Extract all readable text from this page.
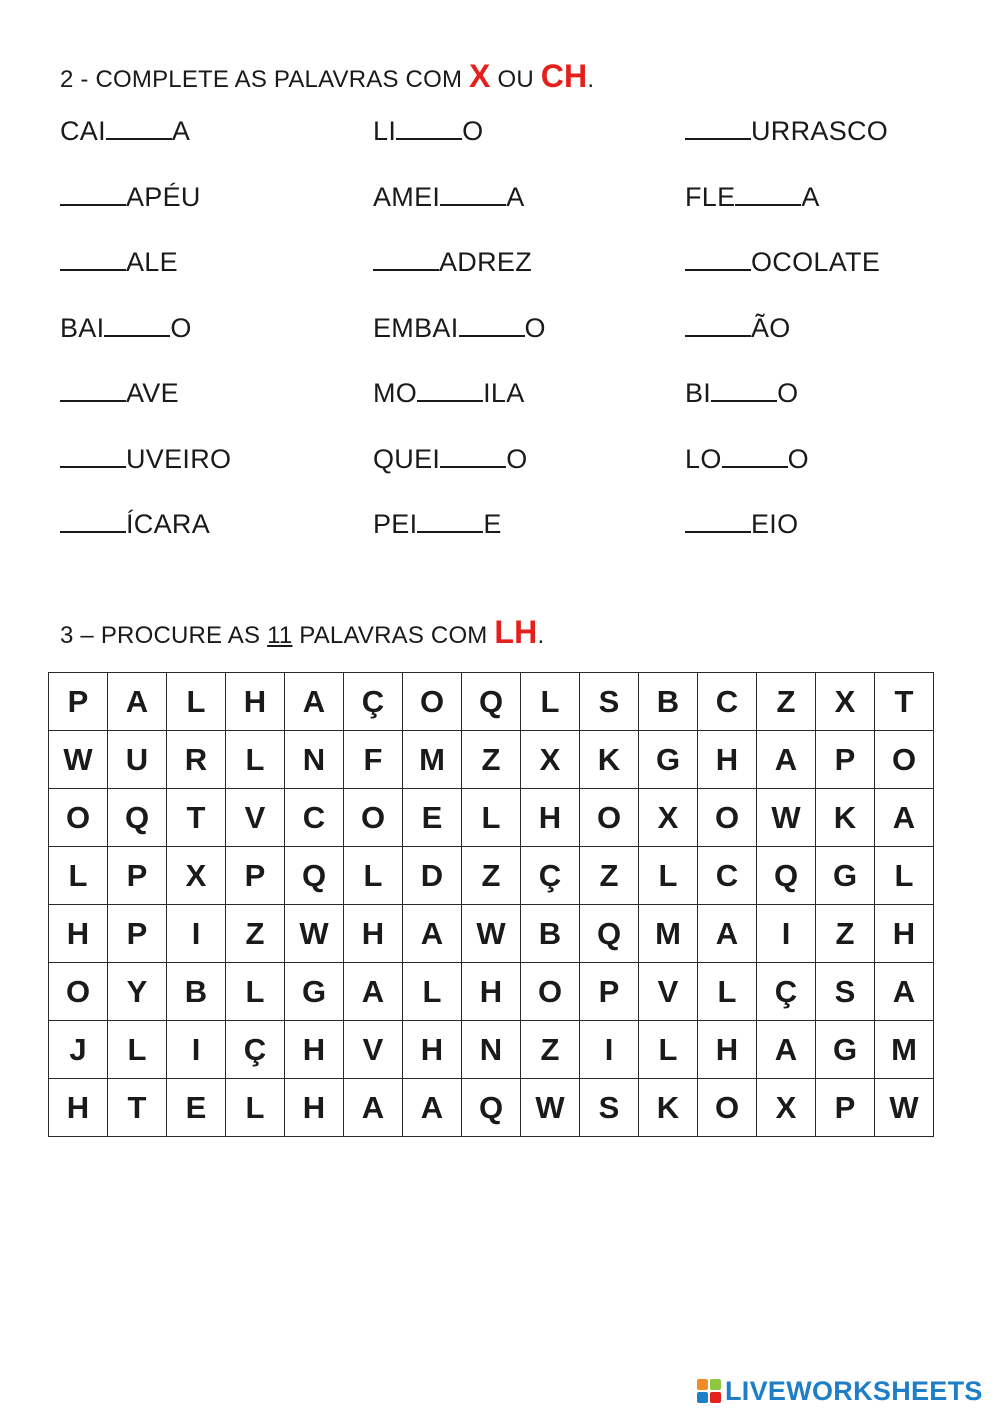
2 - COMPLETE AS PALAVRAS COM X OU CH.
CAI A	LI O	URRASCO
APÉU	AMEI A	FLE A
ALE	ADREZ	OCOLATE
BAI O	EMBAI O	ÃO
AVE	MO ILA	BI O
UVEIRO	QUEI O	LO O
ÍCARA	PEI E	EIO
3 – PROCURE AS 11 PALAVRAS COM LH.
P	A	L	H	A	Ç	O	Q	L	S	B	C	Z	X	T
W	U	R	L	N	F	M	Z	X	K	G	H	A	P	O
O	Q	T	V	C	O	E	L	H	O	X	O	W	K	A
L	P	X	P	Q	L	D	Z	Ç	Z	L	C	Q	G	L
H	P	I	Z	W	H	A	W	B	Q	M	A	I	Z	H
O	Y	B	L	G	A	L	H	O	P	V	L	Ç	S	A
J	L	I	Ç	H	V	H	N	Z	I	L	H	A	G	M
H	T	E	L	H	A	A	Q	W	S	K	O	X	P	W
LIVEWORKSHEETS
